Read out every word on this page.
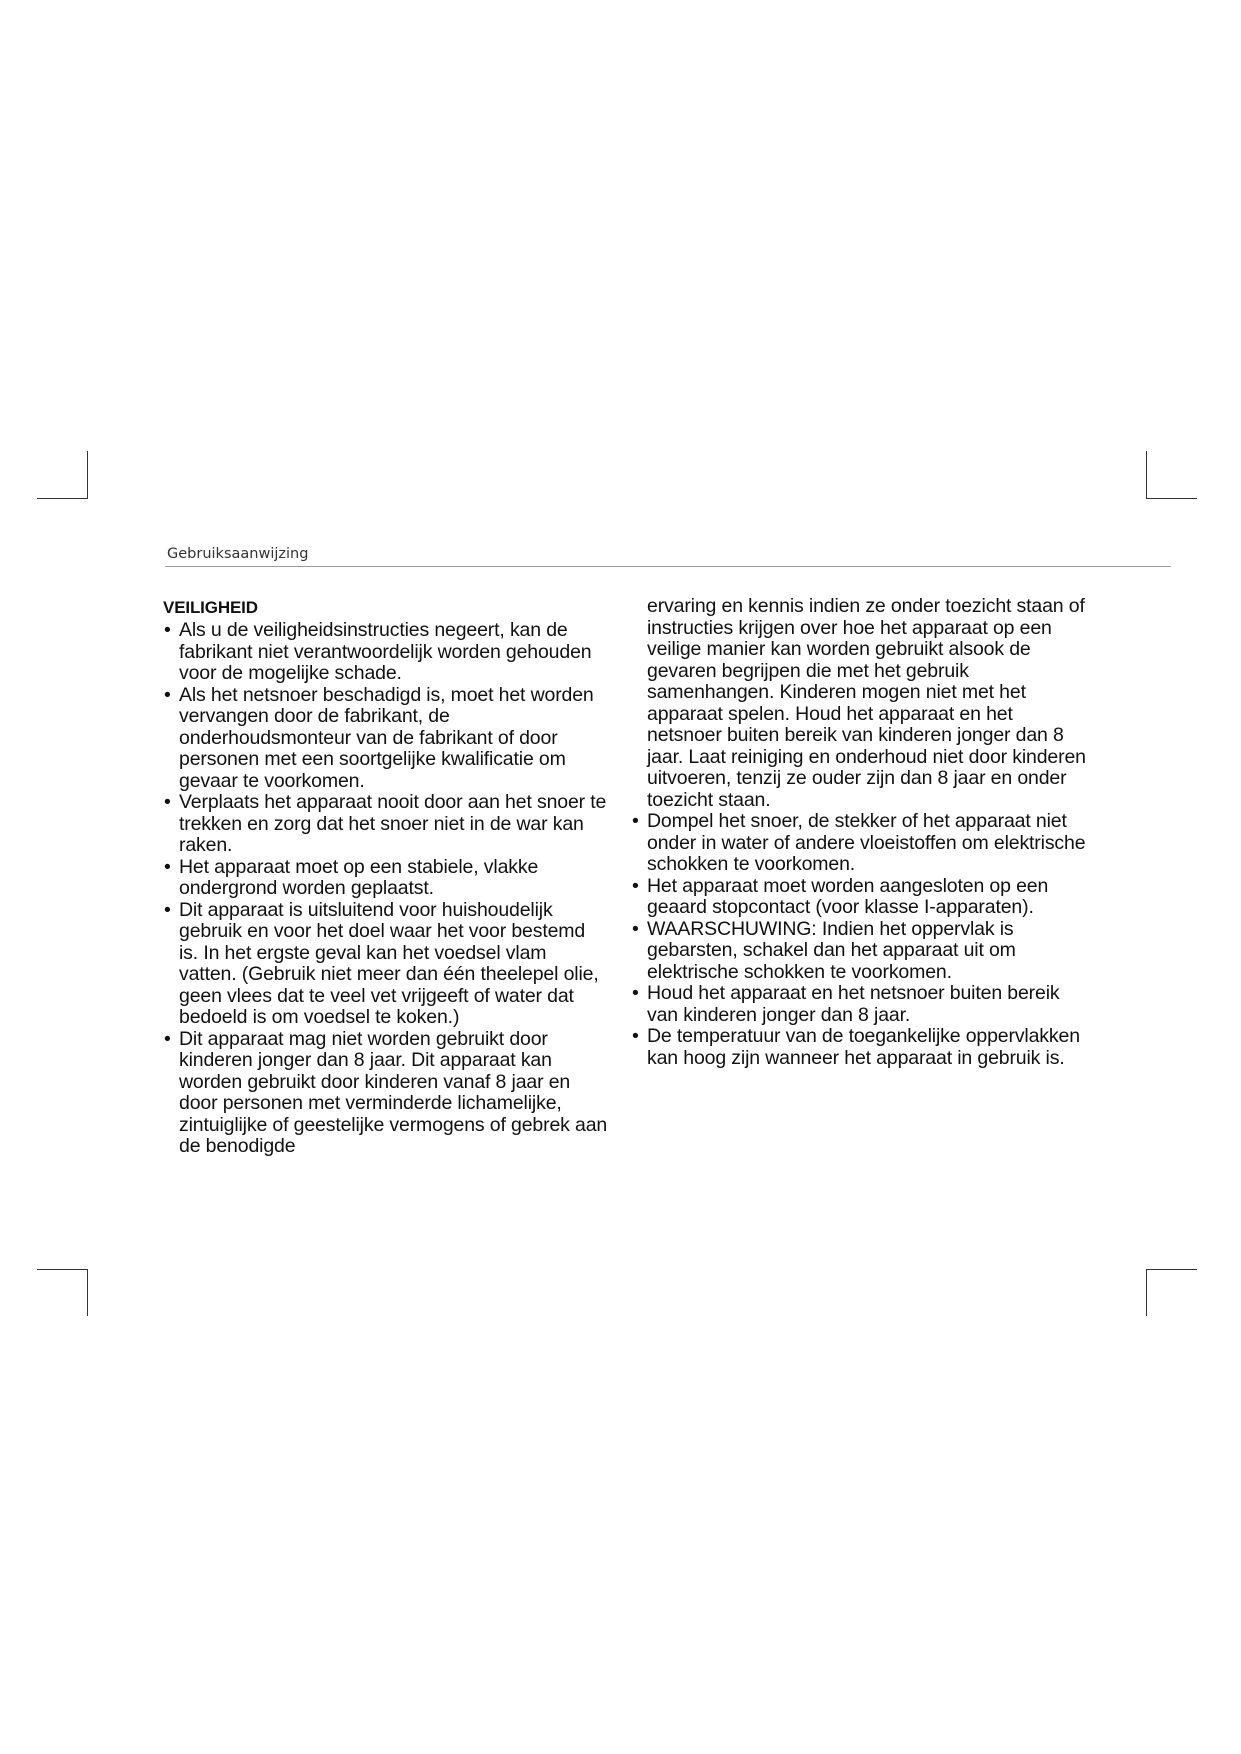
Gebruiksaanwijzing
VEILIGHEID
• Als u de veiligheidsinstructies negeert, kan de fabrikant niet verantwoordelijk worden gehouden voor de mogelijke schade.
• Als het netsnoer beschadigd is, moet het worden vervangen door de fabrikant, de onderhoudsmonteur van de fabrikant of door personen met een soortgelijke kwalificatie om gevaar te voorkomen.
• Verplaats het apparaat nooit door aan het snoer te trekken en zorg dat het snoer niet in de war kan raken.
• Het apparaat moet op een stabiele, vlakke ondergrond worden geplaatst.
• Dit apparaat is uitsluitend voor huishoudelijk gebruik en voor het doel waar het voor bestemd is. In het ergste geval kan het voedsel vlam vatten. (Gebruik niet meer dan één theelepel olie, geen vlees dat te veel vet vrijgeeft of water dat bedoeld is om voedsel te koken.)
• Dit apparaat mag niet worden gebruikt door kinderen jonger dan 8 jaar. Dit apparaat kan worden gebruikt door kinderen vanaf 8 jaar en door personen met verminderde lichamelijke, zintuiglijke of geestelijke vermogens of gebrek aan de benodigde
ervaring en kennis indien ze onder toezicht staan of instructies krijgen over hoe het apparaat op een veilige manier kan worden gebruikt alsook de gevaren begrijpen die met het gebruik samenhangen. Kinderen mogen niet met het apparaat spelen. Houd het apparaat en het netsnoer buiten bereik van kinderen jonger dan 8 jaar. Laat reiniging en onderhoud niet door kinderen uitvoeren, tenzij ze ouder zijn dan 8 jaar en onder toezicht staan.
• Dompel het snoer, de stekker of het apparaat niet onder in water of andere vloeistoffen om elektrische schokken te voorkomen.
• Het apparaat moet worden aangesloten op een geaard stopcontact (voor klasse I-apparaten).
• WAARSCHUWING: Indien het oppervlak is gebarsten, schakel dan het apparaat uit om elektrische schokken te voorkomen.
• Houd het apparaat en het netsnoer buiten bereik van kinderen jonger dan 8 jaar.
• De temperatuur van de toegankelijke oppervlakken kan hoog zijn wanneer het apparaat in gebruik is.
